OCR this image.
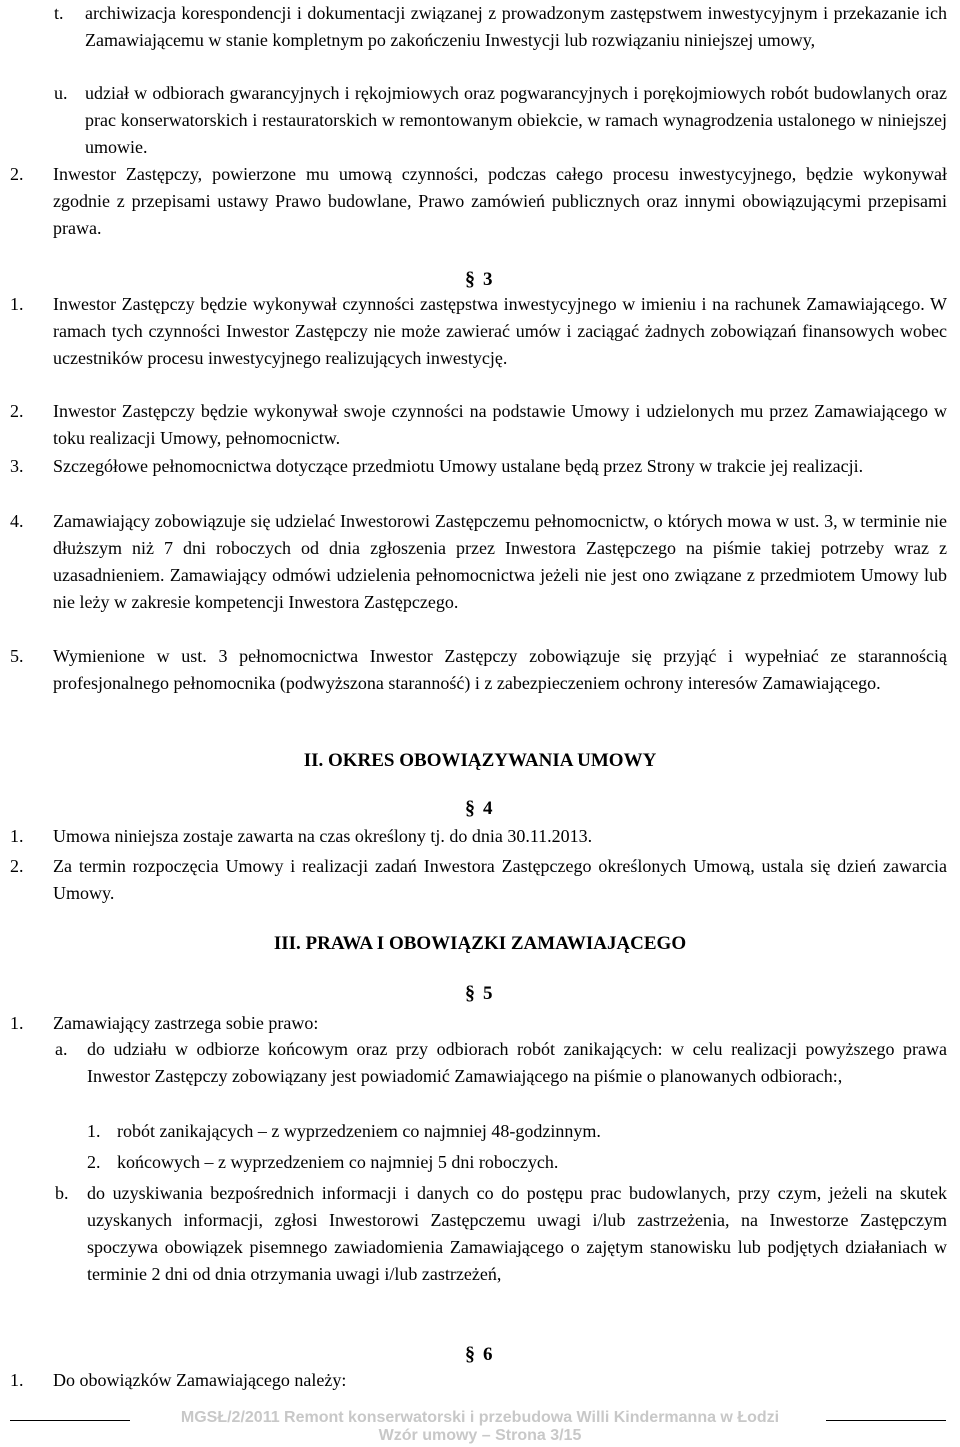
t.	archiwizacja korespondencji i dokumentacji związanej z prowadzonym zastępstwem inwestycyjnym i przekazanie ich Zamawiającemu w stanie kompletnym po zakończeniu Inwestycji lub rozwiązaniu niniejszej umowy,
u. udział w odbiorach gwarancyjnych i rękojmiowych oraz pogwarancyjnych i porękojmiowych robót budowlanych oraz prac konserwatorskich i restauratorskich w remontowanym obiekcie, w ramach wynagrodzenia ustalonego w niniejszej umowie.
2.	Inwestor Zastępczy, powierzone mu umową czynności, podczas całego procesu inwestycyjnego, będzie wykonywał zgodnie z przepisami ustawy Prawo budowlane, Prawo zamówień publicznych oraz innymi obowiązującymi przepisami prawa.
§ 3
1.	Inwestor Zastępczy będzie wykonywał czynności zastępstwa inwestycyjnego w imieniu i na rachunek Zamawiającego. W ramach tych czynności Inwestor Zastępczy nie może zawierać umów i zaciągać żadnych zobowiązań finansowych wobec uczestników procesu inwestycyjnego realizujących inwestycję.
2.	Inwestor Zastępczy będzie wykonywał swoje czynności na podstawie Umowy i udzielonych mu przez Zamawiającego w toku realizacji Umowy, pełnomocnictw.
3.	Szczegółowe pełnomocnictwa dotyczące przedmiotu Umowy ustalane będą przez Strony w trakcie jej realizacji.
4.	Zamawiający zobowiązuje się udzielać Inwestorowi Zastępczemu pełnomocnictw, o których mowa w ust. 3, w terminie nie dłuższym niż 7 dni roboczych od dnia zgłoszenia przez Inwestora Zastępczego na piśmie takiej potrzeby wraz z uzasadnieniem. Zamawiający odmówi udzielenia pełnomocnictwa jeżeli nie jest ono związane z przedmiotem Umowy lub nie leży w zakresie kompetencji Inwestora Zastępczego.
5.	Wymienione w ust. 3 pełnomocnictwa Inwestor Zastępczy zobowiązuje się przyjąć i wypełniać ze starannością profesjonalnego pełnomocnika (podwyższona staranność) i z zabezpieczeniem ochrony interesów Zamawiającego.
II. OKRES OBOWIĄZYWANIA UMOWY
§ 4
1.	Umowa niniejsza zostaje zawarta na czas określony tj. do dnia 30.11.2013.
2.	Za termin rozpoczęcia Umowy i realizacji zadań Inwestora Zastępczego określonych Umową, ustala się dzień zawarcia Umowy.
III. PRAWA I OBOWIĄZKI ZAMAWIAJĄCEGO
§ 5
1.	Zamawiający zastrzega sobie prawo:
a.	do udziału w odbiorze końcowym oraz przy odbiorach robót zanikających: w celu realizacji powyższego prawa Inwestor Zastępczy zobowiązany jest powiadomić Zamawiającego na piśmie o planowanych odbiorach:,
1. robót zanikających – z wyprzedzeniem co najmniej 48-godzinnym.
2. końcowych – z wyprzedzeniem co najmniej 5 dni roboczych.
b.	do uzyskiwania bezpośrednich informacji i danych co do postępu prac budowlanych, przy czym, jeżeli na skutek uzyskanych informacji, zgłosi Inwestorowi Zastępczemu uwagi i/lub zastrzeżenia, na Inwestorze Zastępczym spoczywa obowiązek pisemnego zawiadomienia Zamawiającego o zajętym stanowisku lub podjętych działaniach w terminie 2 dni od dnia otrzymania uwagi i/lub zastrzeżeń,
§ 6
1.	Do obowiązków Zamawiającego należy:
MGSŁ/2/2011 Remont konserwatorski i przebudowa Willi Kindermanna w Łodzi
Wzór umowy – Strona 3/15
